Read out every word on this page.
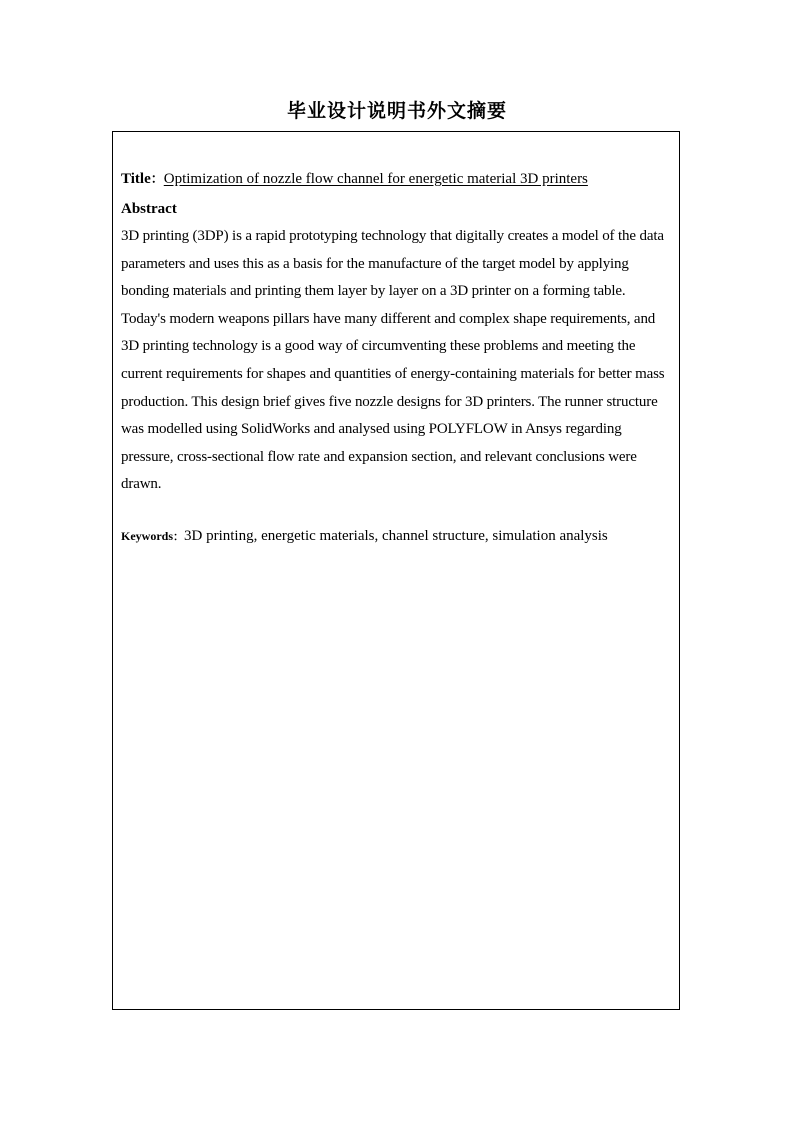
毕业设计说明书外文摘要
Title：Optimization of nozzle flow channel for energetic material 3D printers
Abstract

3D printing (3DP) is a rapid prototyping technology that digitally creates a model of the data parameters and uses this as a basis for the manufacture of the target model by applying bonding materials and printing them layer by layer on a 3D printer on a forming table. Today's modern weapons pillars have many different and complex shape requirements, and 3D printing technology is a good way of circumventing these problems and meeting the current requirements for shapes and quantities of energy-containing materials for better mass production. This design brief gives five nozzle designs for 3D printers. The runner structure was modelled using SolidWorks and analysed using POLYFLOW in Ansys regarding pressure, cross-sectional flow rate and expansion section, and relevant conclusions were drawn.

Keywords：3D printing, energetic materials, channel structure, simulation analysis
